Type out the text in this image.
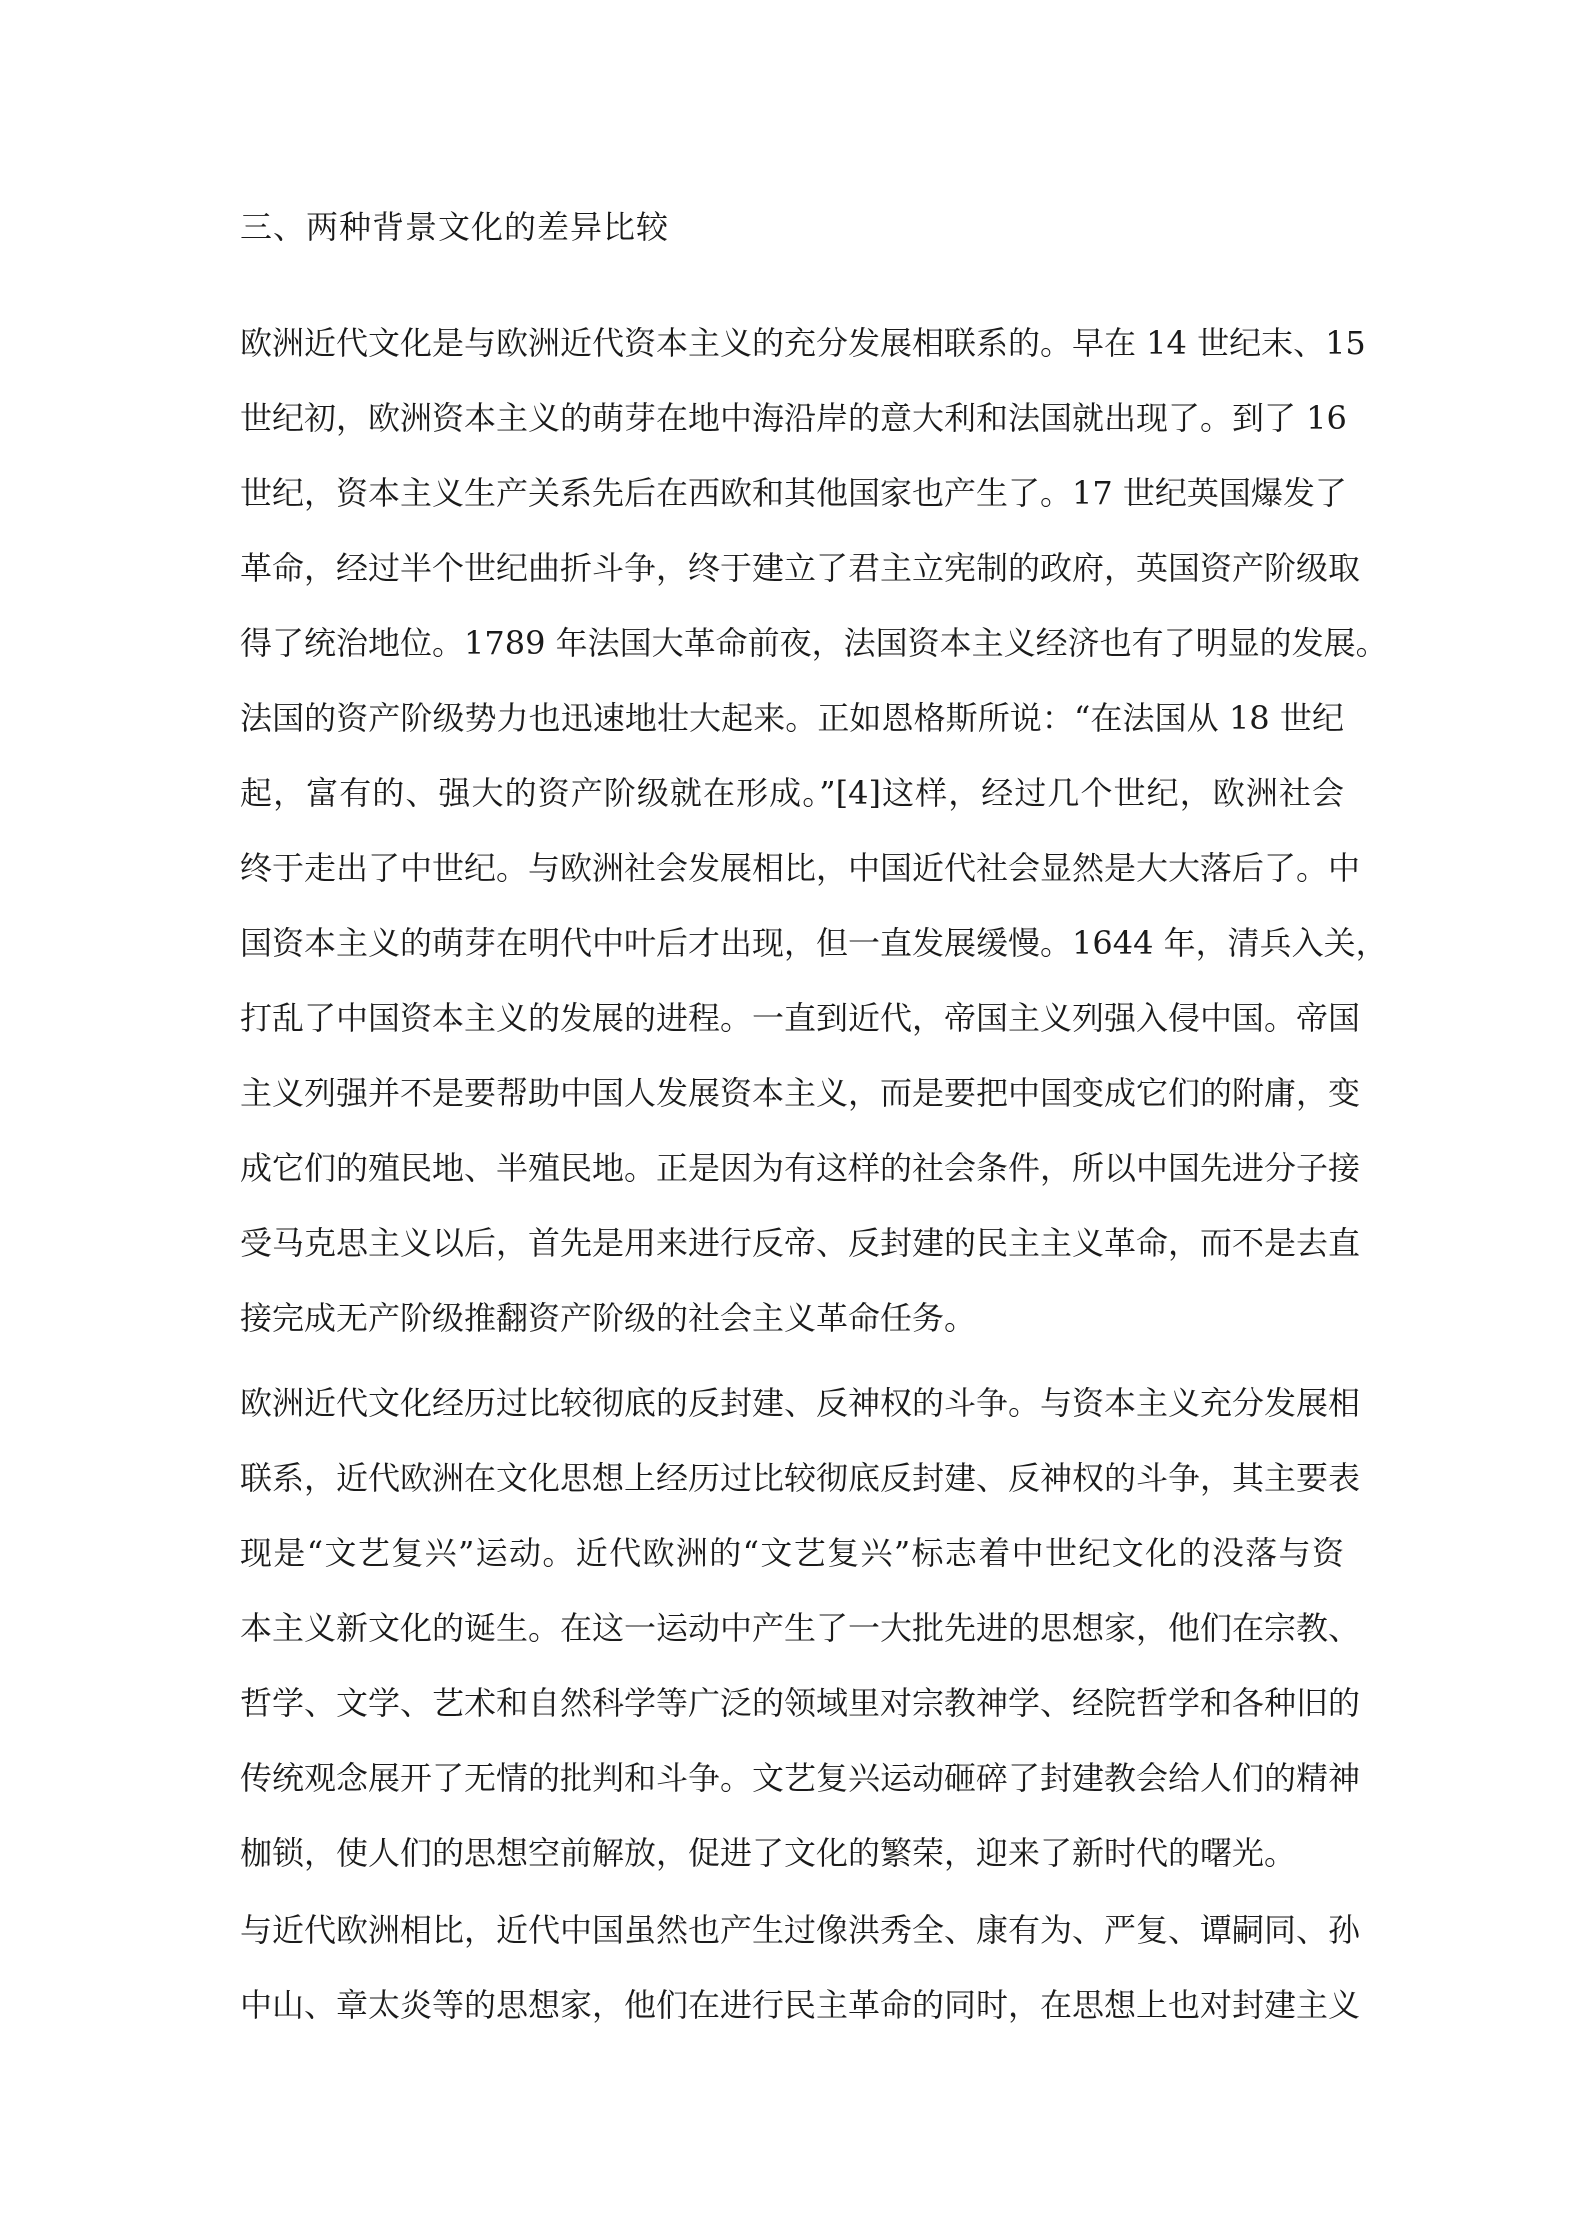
三、两种背景文化的差异比较
欧洲近代文化是与欧洲近代资本主义的充分发展相联系的。早在 14 世纪末、15
世纪初，欧洲资本主义的萌芽在地中海沿岸的意大利和法国就出现了。到了 16
世纪，资本主义生产关系先后在西欧和其他国家也产生了。17 世纪英国爆发了
革命，经过半个世纪曲折斗争，终于建立了君主立宪制的政府，英国资产阶级取
得了统治地位。1789 年法国大革命前夜，法国资本主义经济也有了明显的发展。
法国的资产阶级势力也迅速地壮大起来。正如恩格斯所说：“在法国从 18 世纪
起，富有的、强大的资产阶级就在形成。”[4]这样，经过几个世纪，欧洲社会
终于走出了中世纪。与欧洲社会发展相比，中国近代社会显然是大大落后了。中
国资本主义的萌芽在明代中叶后才出现，但一直发展缓慢。1644 年，清兵入关，
打乱了中国资本主义的发展的进程。一直到近代，帝国主义列强入侵中国。帝国
主义列强并不是要帮助中国人发展资本主义，而是要把中国变成它们的附庸，变
成它们的殖民地、半殖民地。正是因为有这样的社会条件，所以中国先进分子接
受马克思主义以后，首先是用来进行反帝、反封建的民主主义革命，而不是去直
接完成无产阶级推翻资产阶级的社会主义革命任务。
欧洲近代文化经历过比较彻底的反封建、反神权的斗争。与资本主义充分发展相
联系，近代欧洲在文化思想上经历过比较彻底反封建、反神权的斗争，其主要表
现是“文艺复兴”运动。近代欧洲的“文艺复兴”标志着中世纪文化的没落与资
本主义新文化的诞生。在这一运动中产生了一大批先进的思想家，他们在宗教、
哲学、文学、艺术和自然科学等广泛的领域里对宗教神学、经院哲学和各种旧的
传统观念展开了无情的批判和斗争。文艺复兴运动砸碎了封建教会给人们的精神
枷锁，使人们的思想空前解放，促进了文化的繁荣，迎来了新时代的曙光。
与近代欧洲相比，近代中国虽然也产生过像洪秀全、康有为、严复、谭嗣同、孙
中山、章太炎等的思想家，他们在进行民主革命的同时，在思想上也对封建主义
